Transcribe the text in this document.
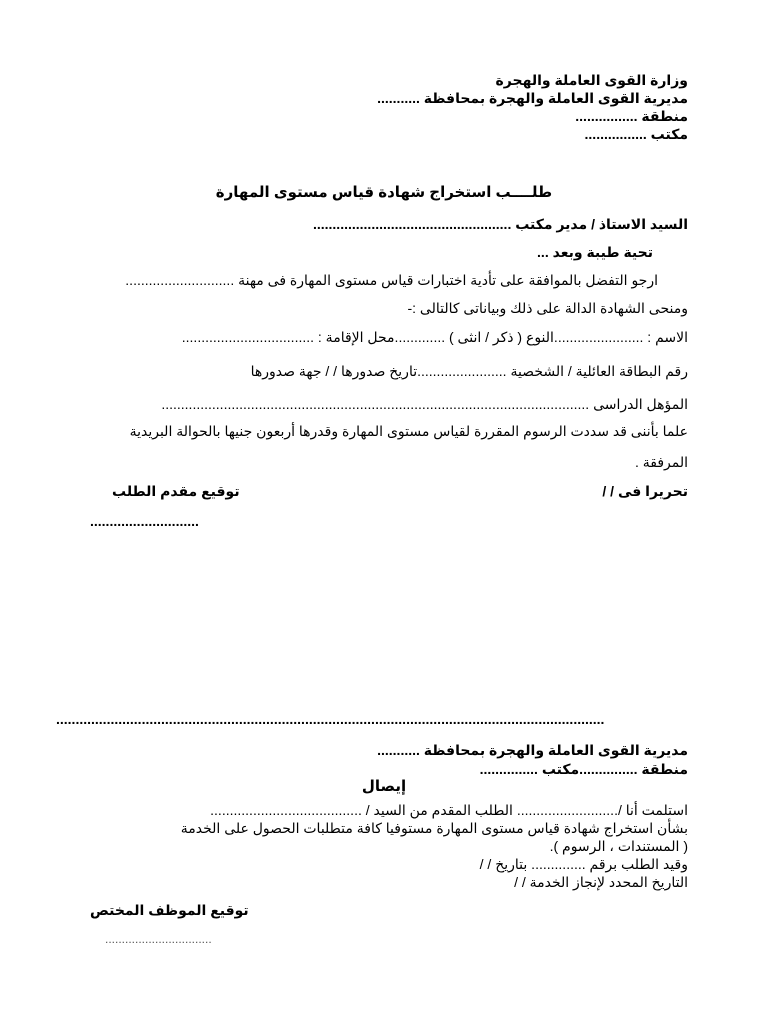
وزارة القوى العاملة والهجرة
مديرية القوى العاملة والهجرة بمحافظة ...........
منطقة ................
مكتب ................
طلــــب استخراج شهادة قياس مستوى المهارة
السيد الاستاذ / مدير مكتب ...................................................
تحية طيبة وبعد ...
ارجو التفضل بالموافقة على تأدية اختبارات قياس مستوى المهارة فى مهنة ............................
ومنحى الشهادة الدالة على ذلك وبياناتى كالتالى :-
الاسم : .......................النوع ( ذكر / انثى ) .............محل الإقامة : ..................................
رقم البطاقة العائلية / الشخصية .......................تاريخ صدورها / / جهة صدورها
المؤهل الدراسى ..............................................................................................................
علما بأننى قد سددت الرسوم المقررة لقياس مستوى المهارة وقدرها أربعون جنيها بالحوالة البريدية
المرفقة .
تحريرا فى / /
توقيع مقدم الطلب
............................
.............................................................................................................................................
مديرية القوى العاملة والهجرة بمحافظة ...........
منطقة ...............مكتب ...............
إيصال
استلمت أنا /.......................... الطلب المقدم من السيد / .......................................
بشأن استخراج شهادة قياس مستوى المهارة مستوفيا كافة متطلبات الحصول على الخدمة
( المستندات ، الرسوم ).
وقيد الطلب برقم .............. بتاريخ / /
التاريخ المحدد لإنجاز الخدمة / /
توقيع الموظف المختص
................................
